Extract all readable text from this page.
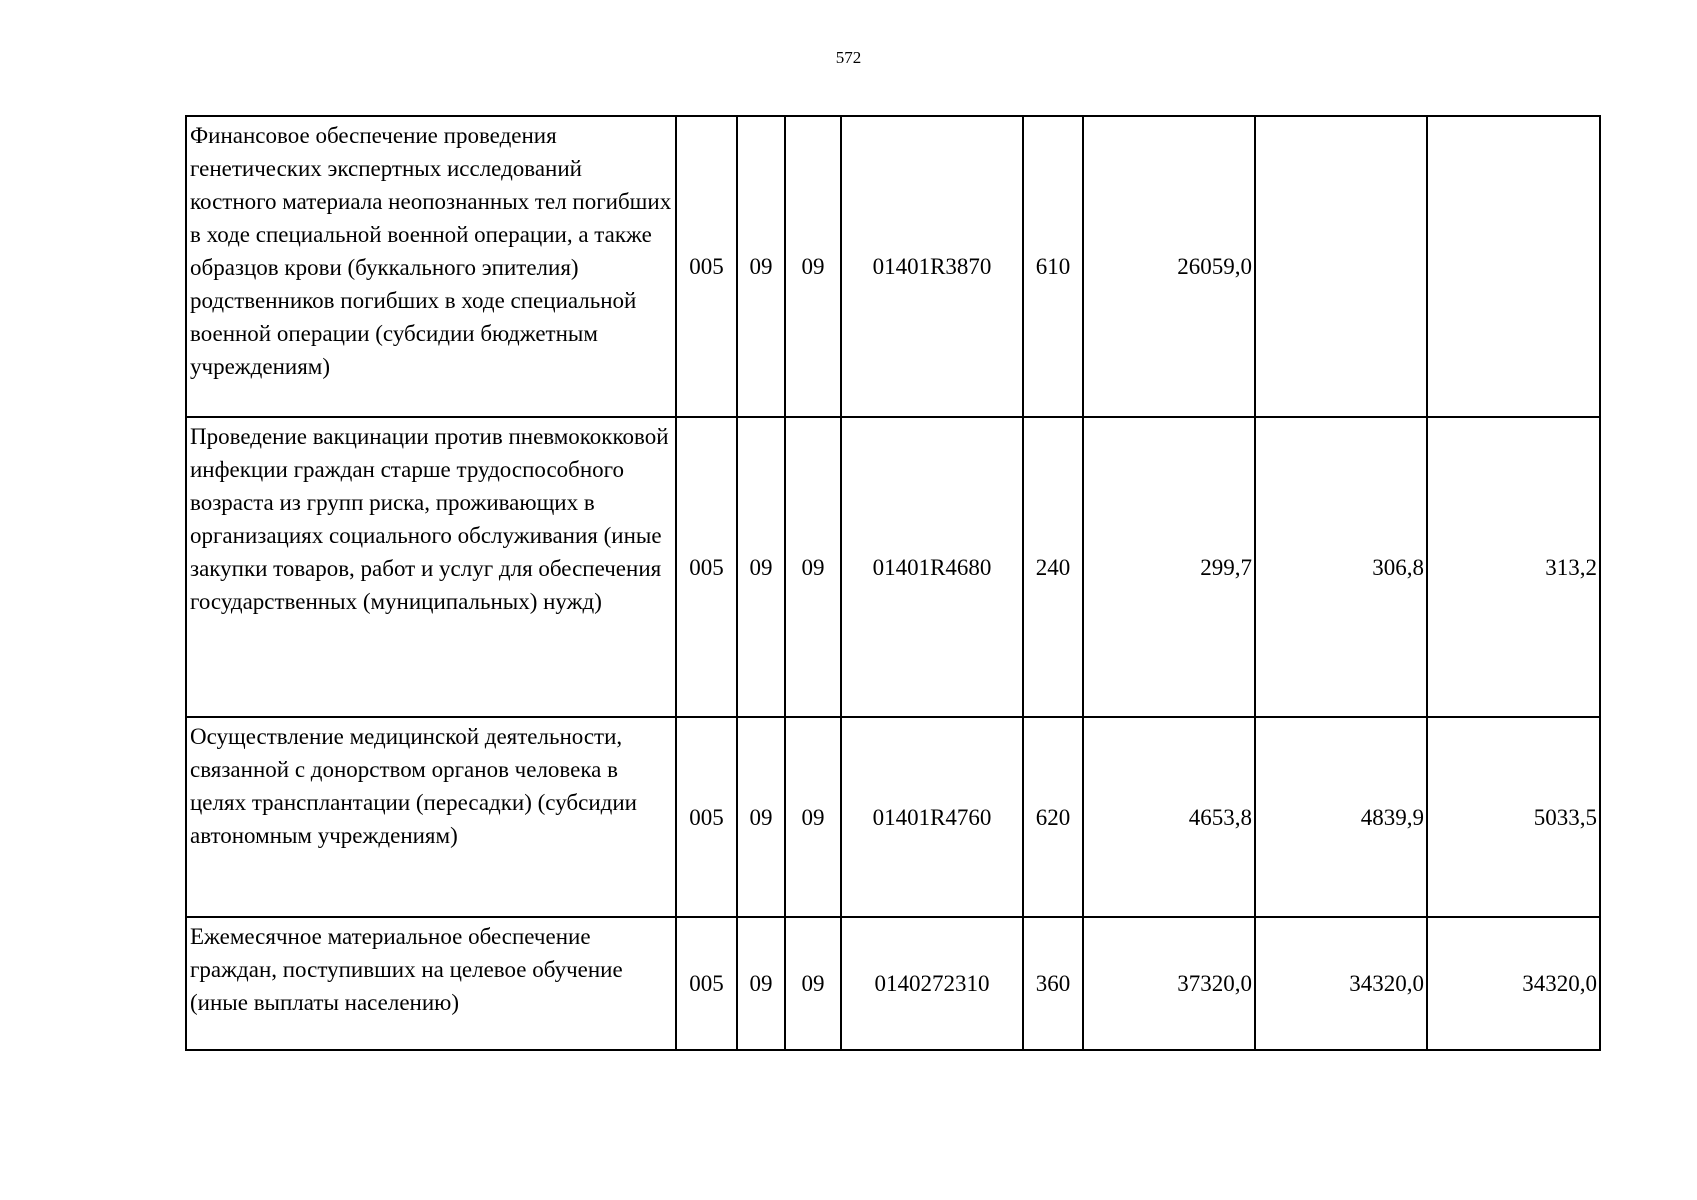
572
Финансовое обеспечение проведения генетических экспертных исследований костного материала неопознанных тел погибших в ходе специальной военной операции, а также образцов крови (буккального эпителия) родственников погибших в ходе специальной военной операции (субсидии бюджетным учреждениям)	005	09	09	01401R3870	610	26059,0		
Проведение вакцинации против пневмококковой инфекции граждан старше трудоспособного возраста из групп риска, проживающих в организациях социального обслуживания (иные закупки товаров, работ и услуг для обеспечения государственных (муниципальных) нужд)	005	09	09	01401R4680	240	299,7	306,8	313,2
Осуществление медицинской деятельности, связанной с донорством органов человека в целях трансплантации (пересадки) (субсидии автономным учреждениям)	005	09	09	01401R4760	620	4653,8	4839,9	5033,5
Ежемесячное материальное обеспечение граждан, поступивших на целевое обучение (иные выплаты населению)	005	09	09	0140272310	360	37320,0	34320,0	34320,0
